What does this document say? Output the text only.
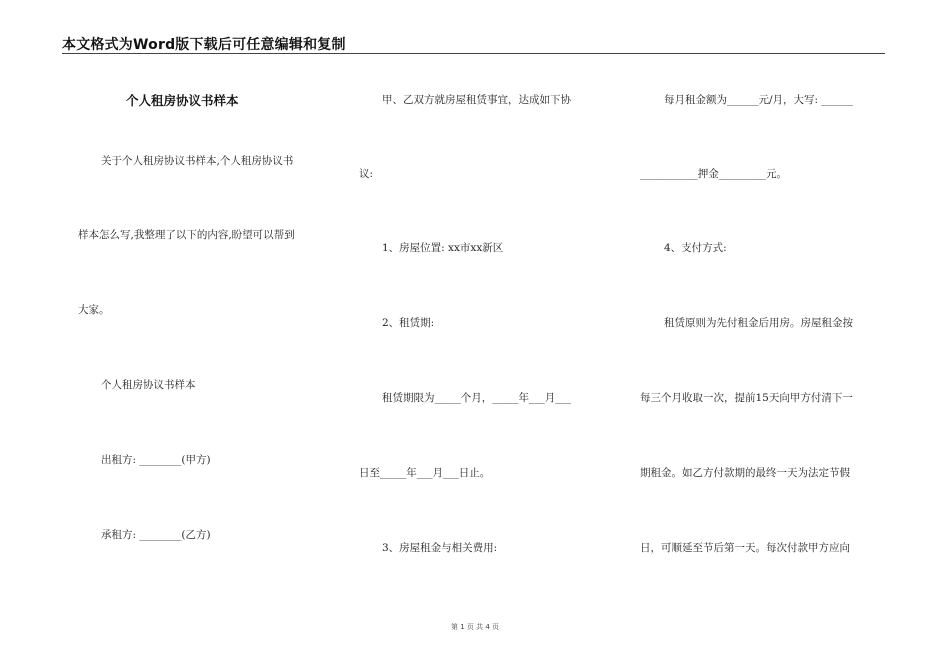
本文格式为Word版下载后可任意编辑和复制
个人租房协议书样本
关于个人租房协议书样本,个人租房协议书
样本怎么写,我整理了以下的内容,盼望可以帮到
大家。
个人租房协议书样本
出租方: ________(甲方)
承租方: ________(乙方)
甲、乙双方就房屋租赁事宜，达成如下协
议:
1、房屋位置: xx市xx新区
2、租赁期:
租赁期限为_____个月，_____年___月___
日至_____年___月___日止。
3、房屋租金与相关费用:
每月租金额为______元/月，大写: ______
___________押金_________元。
4、支付方式:
租赁原则为先付租金后用房。房屋租金按
每三个月收取一次，提前15天向甲方付清下一
期租金。如乙方付款期的最终一天为法定节假
日，可顺延至节后第一天。每次付款甲方应向
第 1 页 共 4 页
